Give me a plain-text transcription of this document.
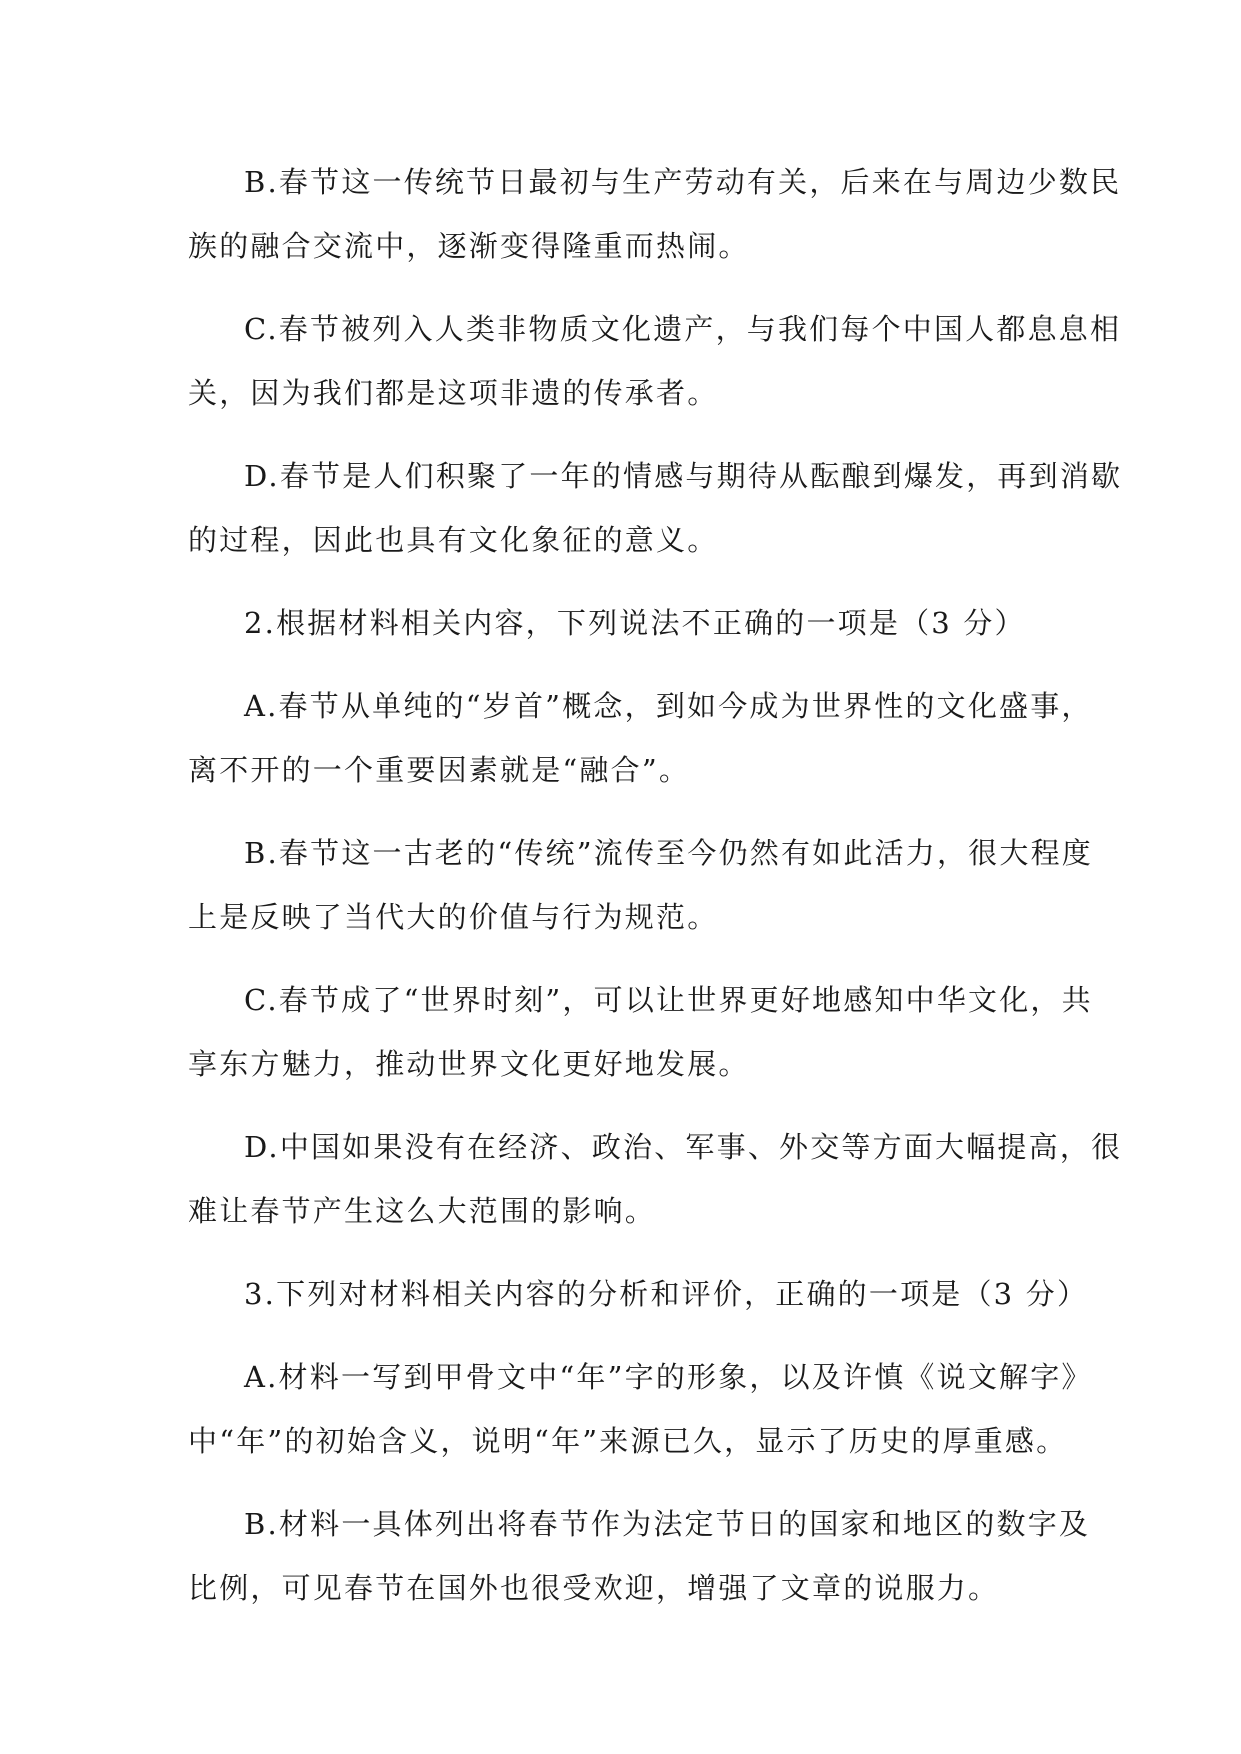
B.春节这一传统节日最初与生产劳动有关，后来在与周边少数民
族的融合交流中，逐渐变得隆重而热闹。
C.春节被列入人类非物质文化遗产，与我们每个中国人都息息相
关，因为我们都是这项非遗的传承者。
D.春节是人们积聚了一年的情感与期待从酝酿到爆发，再到消歇
的过程，因此也具有文化象征的意义。
2.根据材料相关内容，下列说法不正确的一项是（3 分）
A.春节从单纯的“岁首”概念，到如今成为世界性的文化盛事，
离不开的一个重要因素就是“融合”。
B.春节这一古老的“传统”流传至今仍然有如此活力，很大程度
上是反映了当代大的价值与行为规范。
C.春节成了“世界时刻”，可以让世界更好地感知中华文化，共
享东方魅力，推动世界文化更好地发展。
D.中国如果没有在经济、政治、军事、外交等方面大幅提高，很
难让春节产生这么大范围的影响。
3.下列对材料相关内容的分析和评价，正确的一项是（3 分）
A.材料一写到甲骨文中“年”字的形象，以及许慎《说文解字》
中“年”的初始含义，说明“年”来源已久，显示了历史的厚重感。
B.材料一具体列出将春节作为法定节日的国家和地区的数字及
比例，可见春节在国外也很受欢迎，增强了文章的说服力。
